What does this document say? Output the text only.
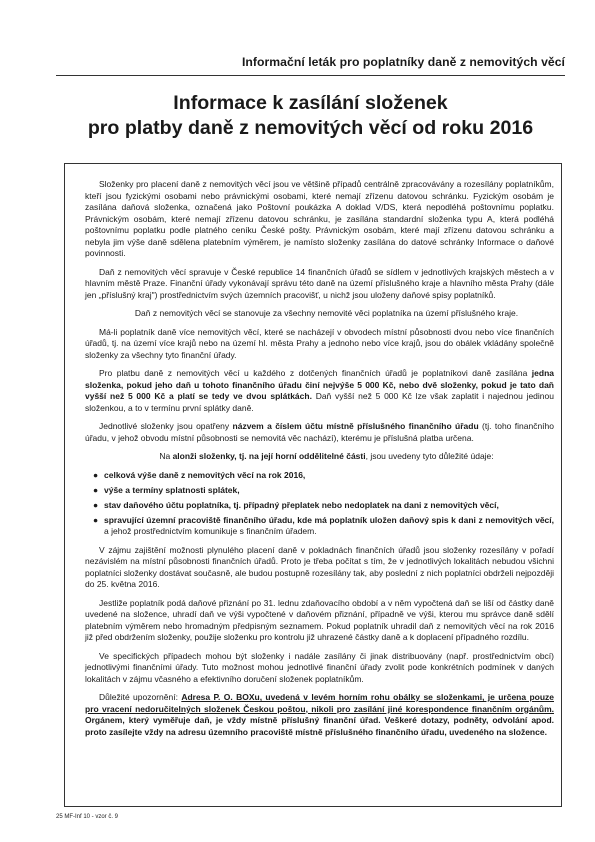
Informační leták pro poplatníky daně z nemovitých věcí
Informace k zasílání složenek
pro platby daně z nemovitých věcí od roku 2016

Složenky pro placení daně z nemovitých věcí jsou ve většině případů centrálně zpracovávány a rozesílány poplatníkům, kteří jsou fyzickými osobami nebo právnickými osobami, které nemají zřízenu datovou schránku. Fyzickým osobám je zasílána daňová složenka, označená jako Poštovní poukázka A doklad V/DS, která nepodléhá poštovnímu poplatku. Právnickým osobám, které nemají zřízenu datovou schránku, je zasílána standardní složenka typu A, která podléhá poštovnímu poplatku podle platného ceníku České pošty. Právnickým osobám, které mají zřízenu datovou schránku a nebyla jim výše daně sdělena platebním výměrem, je namísto složenky zasílána do datové schránky Informace o daňové povinnosti.

Daň z nemovitých věcí spravuje v České republice 14 finančních úřadů se sídlem v jednotlivých krajských městech a v hlavním městě Praze. Finanční úřady vykonávají správu této daně na území příslušného kraje a hlavního města Prahy (dále jen „příslušný kraj") prostřednictvím svých územních pracovišť, u nichž jsou uloženy daňové spisy poplatníků.

Daň z nemovitých věcí se stanovuje za všechny nemovité věci poplatníka na území příslušného kraje.

Má-li poplatník daně více nemovitých věcí, které se nacházejí v obvodech místní působnosti dvou nebo více finančních úřadů, tj. na území více krajů nebo na území hl. města Prahy a jednoho nebo více krajů, jsou do obálek vkládány společně složenky za všechny tyto finanční úřady.

Pro platbu daně z nemovitých věcí u každého z dotčených finančních úřadů je poplatníkovi daně zasílána jedna složenka, pokud jeho daň u tohoto finančního úřadu činí nejvýše 5 000 Kč, nebo dvě složenky, pokud je tato daň vyšší než 5 000 Kč a platí se tedy ve dvou splátkách. Daň vyšší než 5 000 Kč lze však zaplatit i najednou jedinou složenkou, a to v termínu první splátky daně.

Jednotlivé složenky jsou opatřeny názvem a číslem účtu místně příslušného finančního úřadu (tj. toho finančního úřadu, v jehož obvodu místní působnosti se nemovitá věc nachází), kterému je příslušná platba určena.

Na alonži složenky, tj. na její horní oddělitelné části, jsou uvedeny tyto důležité údaje:

● celková výše daně z nemovitých věcí na rok 2016,
● výše a termíny splatnosti splátek,
● stav daňového účtu poplatníka, tj. případný přeplatek nebo nedoplatek na dani z nemovitých věcí,
● spravující územní pracoviště finančního úřadu, kde má poplatník uložen daňový spis k dani z nemovitých věcí, a jehož prostřednictvím komunikuje s finančním úřadem.

V zájmu zajištění možnosti plynulého placení daně v pokladnách finančních úřadů jsou složenky rozesílány v pořadí nezávislém na místní působnosti finančních úřadů. Proto je třeba počítat s tím, že v jednotlivých lokalitách nebudou všichni poplatníci složenky dostávat současně, ale budou postupně rozesílány tak, aby poslední z nich poplatníci obdrželi nejpozději do 25. května 2016.

Jestliže poplatník podá daňové přiznání po 31. lednu zdaňovacího období a v něm vypočtená daň se liší od částky daně uvedené na složence, uhradí daň ve výši vypočtené v daňovém přiznání, případně ve výši, kterou mu správce daně sdělí platebním výměrem nebo hromadným předpisným seznamem. Pokud poplatník uhradil daň z nemovitých věcí na rok 2016 již před obdržením složenky, použije složenku pro kontrolu již uhrazené částky daně a k doplacení případného rozdílu.

Ve specifických případech mohou být složenky i nadále zasílány či jinak distribuovány (např. prostřednictvím obcí) jednotlivými finančními úřady. Tuto možnost mohou jednotlivé finanční úřady zvolit pode konkrétních podmínek v daných lokalitách v zájmu včasného a efektivního doručení složenek poplatníkům.

Důležité upozornění: Adresa P. O. BOXu, uvedená v levém horním rohu obálky se složenkami, je určena pouze pro vracení nedoručitelných složenek Českou poštou, nikoli pro zasílání jiné korespondence finančním orgánům. Orgánem, který vyměřuje daň, je vždy místně příslušný finanční úřad. Veškeré dotazy, podněty, odvolání apod. proto zasílejte vždy na adresu územního pracoviště místně příslušného finančního úřadu, uvedeného na složence.

25 MF-Inf 10 - vzor č. 9
